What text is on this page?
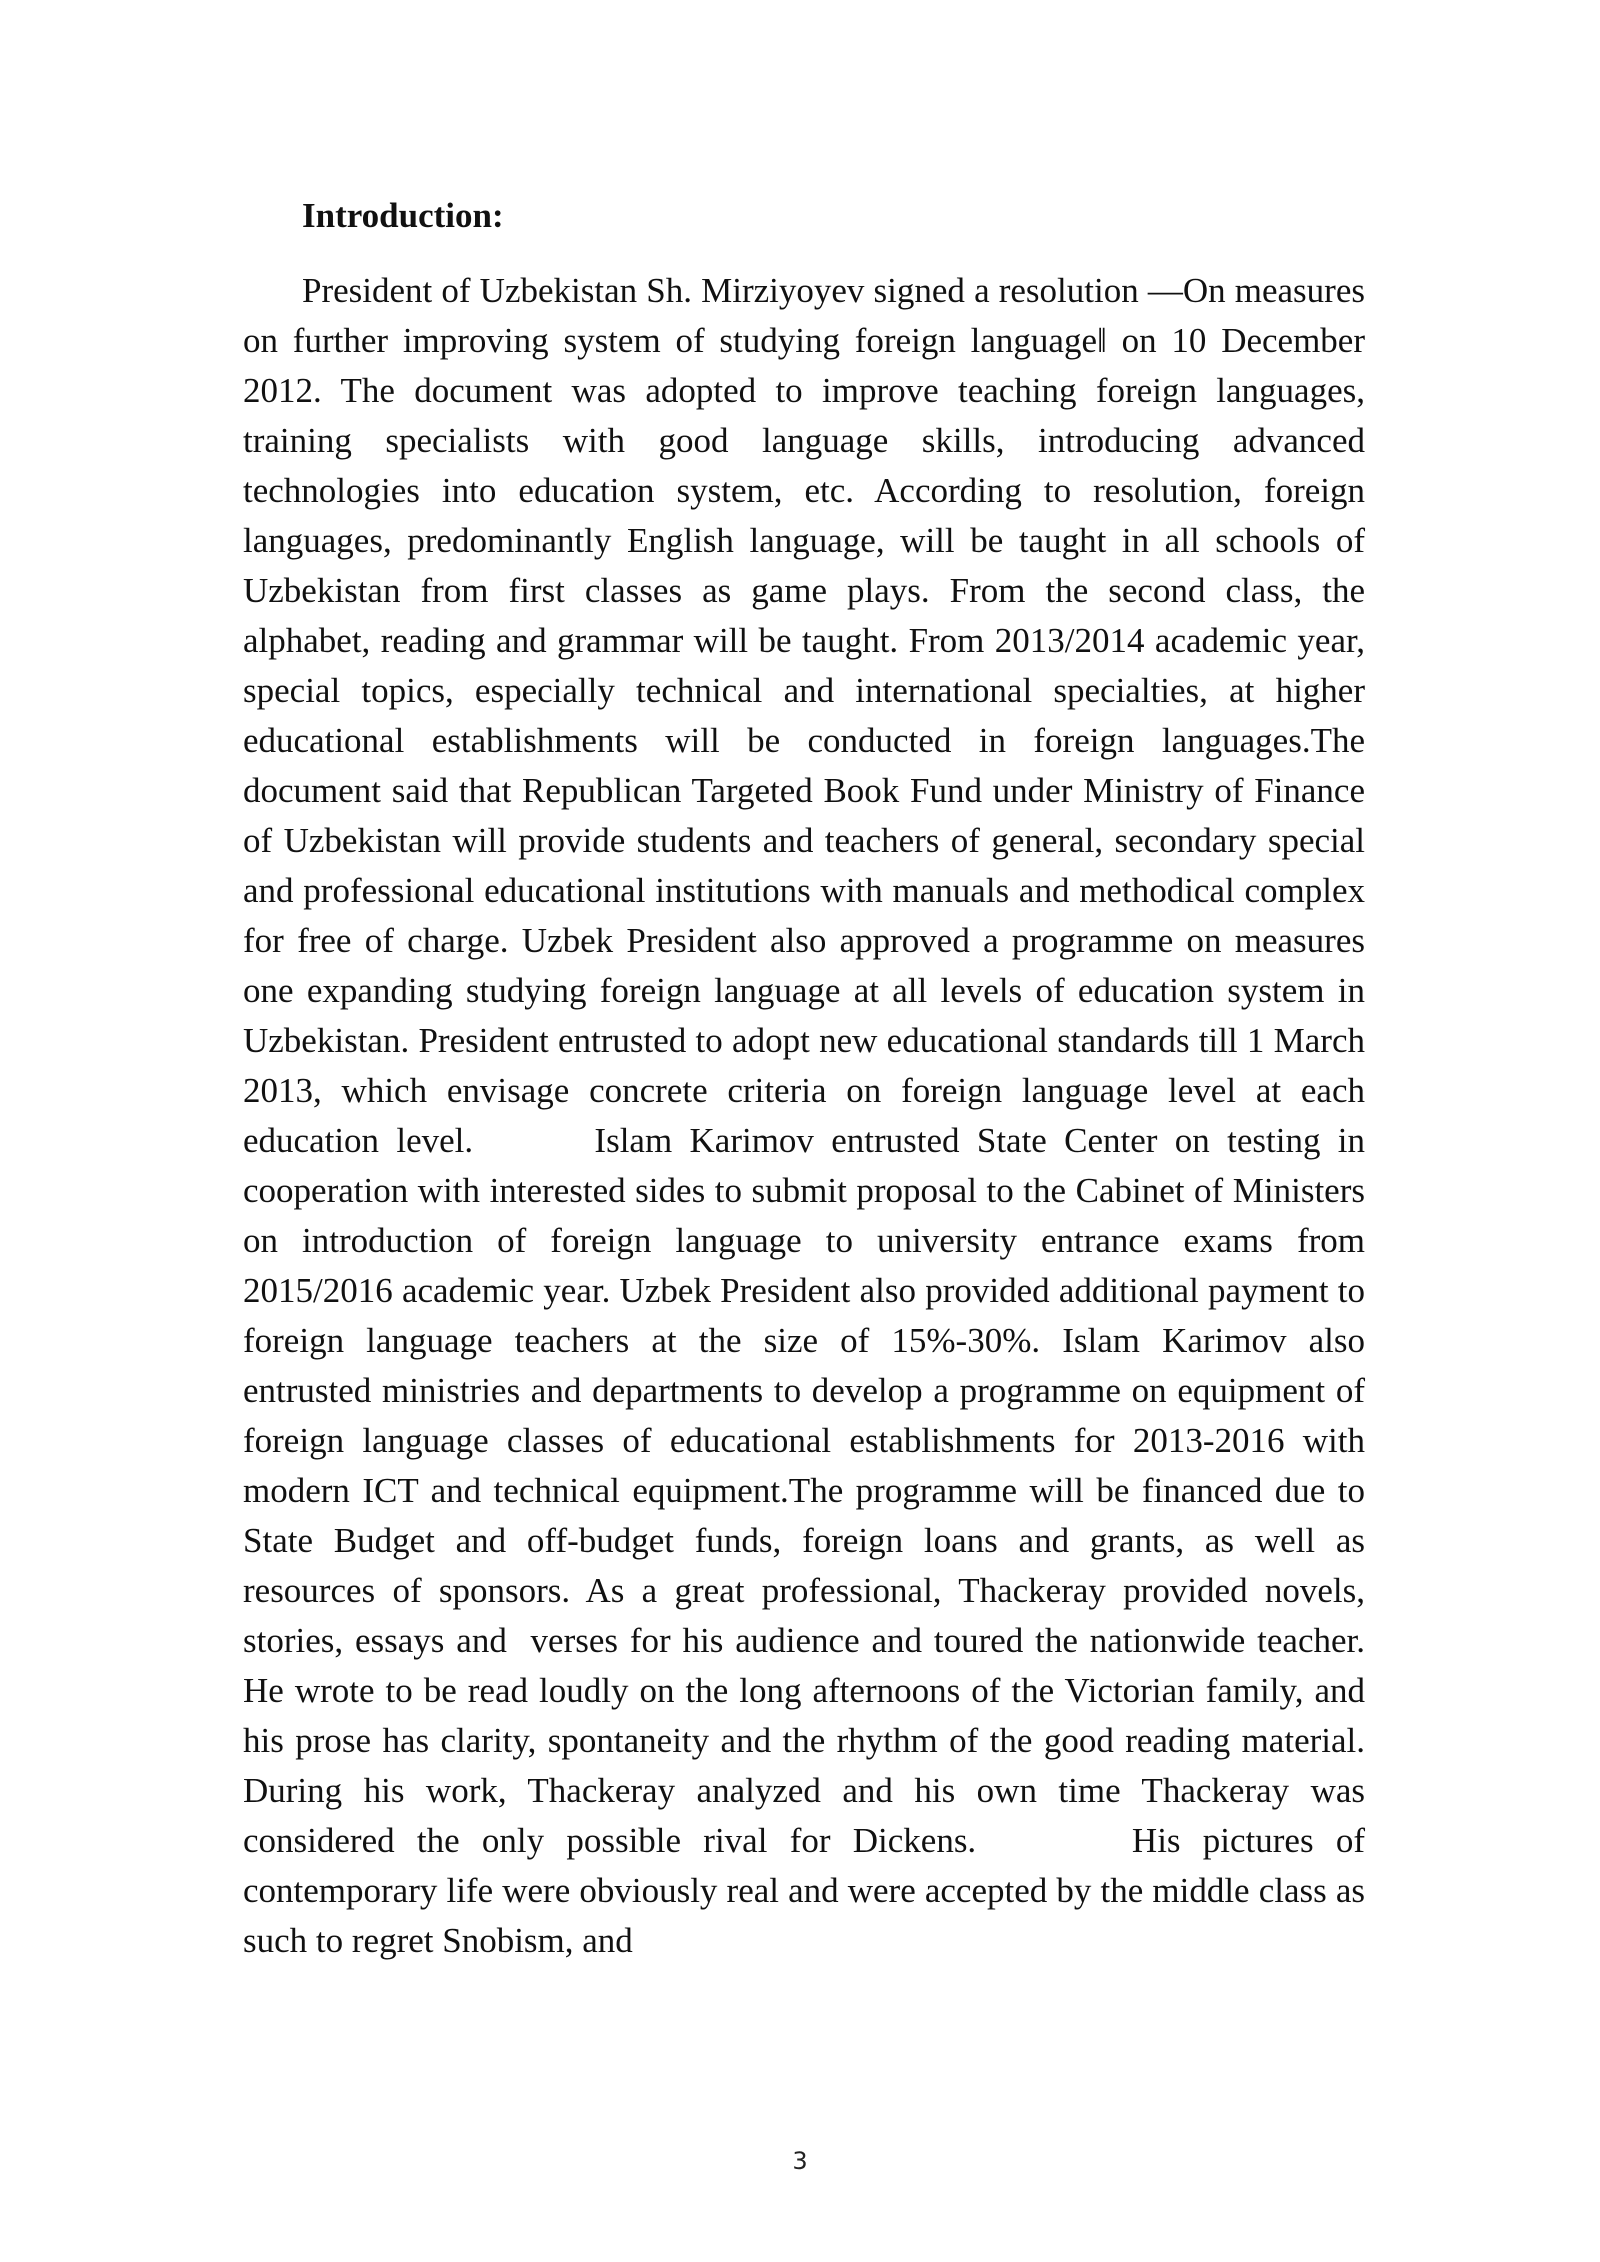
Introduction:

President of Uzbekistan Sh. Mirziyoyev signed a resolution —On measures on further improving system of studying foreign language‖ on 10 December 2012. The document was adopted to improve teaching foreign languages, training specialists with good language skills, introducing advanced technologies into education system, etc. According to resolution, foreign languages, predominantly English language, will be taught in all schools of Uzbekistan from first classes as game plays. From the second class, the alphabet, reading and grammar will be taught. From 2013/2014 academic year, special topics, especially technical and international specialties, at higher educational establishments will be conducted in foreign languages.The document said that Republican Targeted Book Fund under Ministry of Finance of Uzbekistan will provide students and teachers of general, secondary special and professional educational institutions with manuals and methodical complex for free of charge. Uzbek President also approved a programme on measures one expanding studying foreign language at all levels of education system in Uzbekistan. President entrusted to adopt new educational standards till 1 March 2013, which envisage concrete criteria on foreign language level at each education level.       Islam Karimov entrusted State Center on testing in cooperation with interested sides to submit proposal to the Cabinet of Ministers on introduction of foreign language to university entrance exams from 2015/2016 academic year. Uzbek President also provided additional payment to foreign language teachers at the size of 15%-30%. Islam Karimov also entrusted ministries and departments to develop a programme on equipment of foreign language classes of educational establishments for 2013-2016 with modern ICT and technical equipment.The programme will be financed due to State Budget and off-budget funds, foreign loans and grants, as well as resources of sponsors. As a great professional, Thackeray provided novels, stories, essays and  verses for his audience and toured the nationwide teacher. He wrote to be read loudly on the long afternoons of the Victorian family, and his prose has clarity, spontaneity and the rhythm of the good reading material. During his work, Thackeray analyzed and his own time Thackeray was considered the only possible rival for Dickens.       His pictures of contemporary life were obviously real and were accepted by the middle class as such to regret Snobism, and

3
